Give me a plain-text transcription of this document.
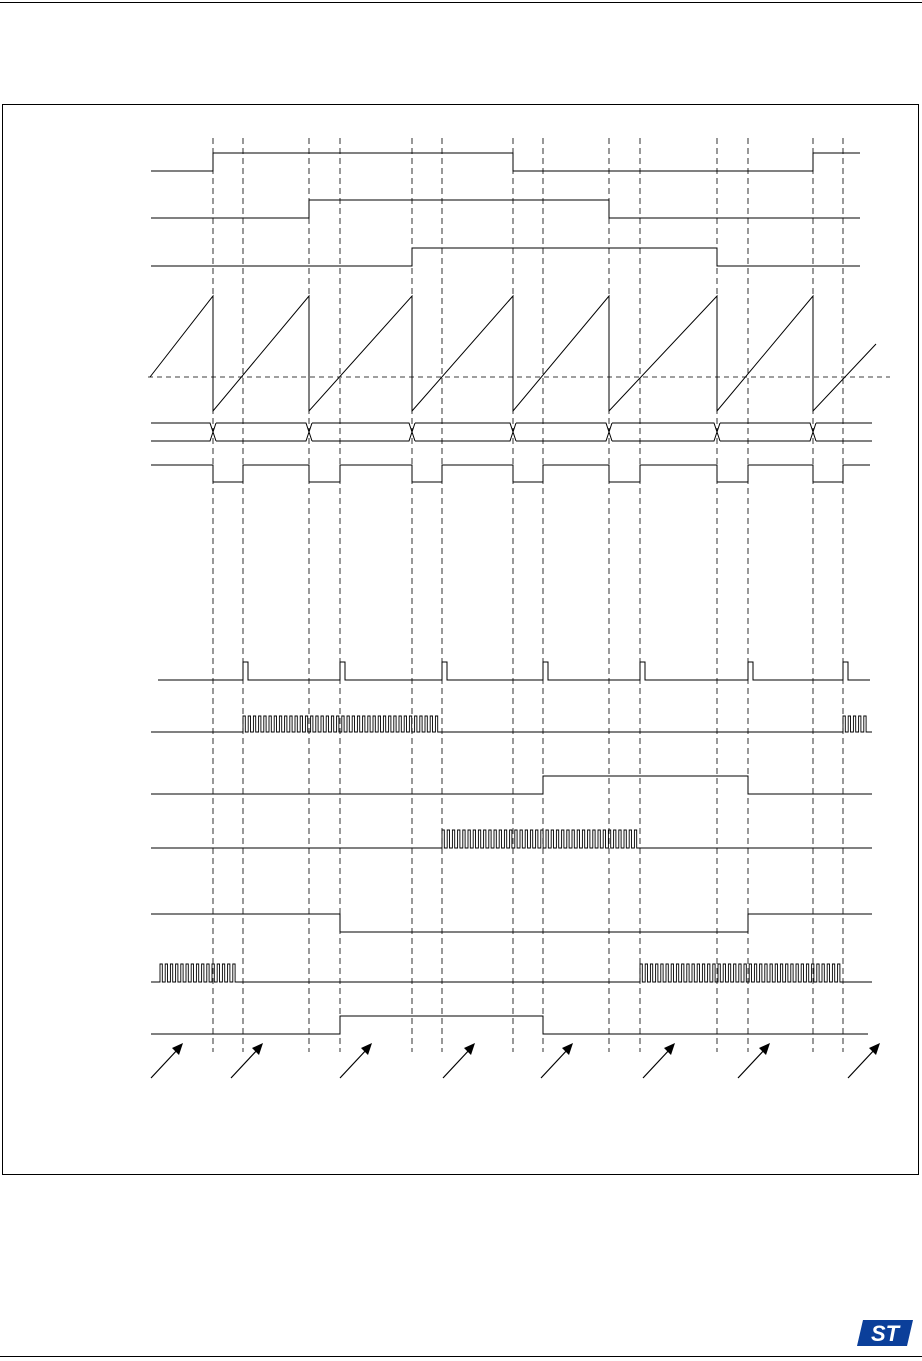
ST
